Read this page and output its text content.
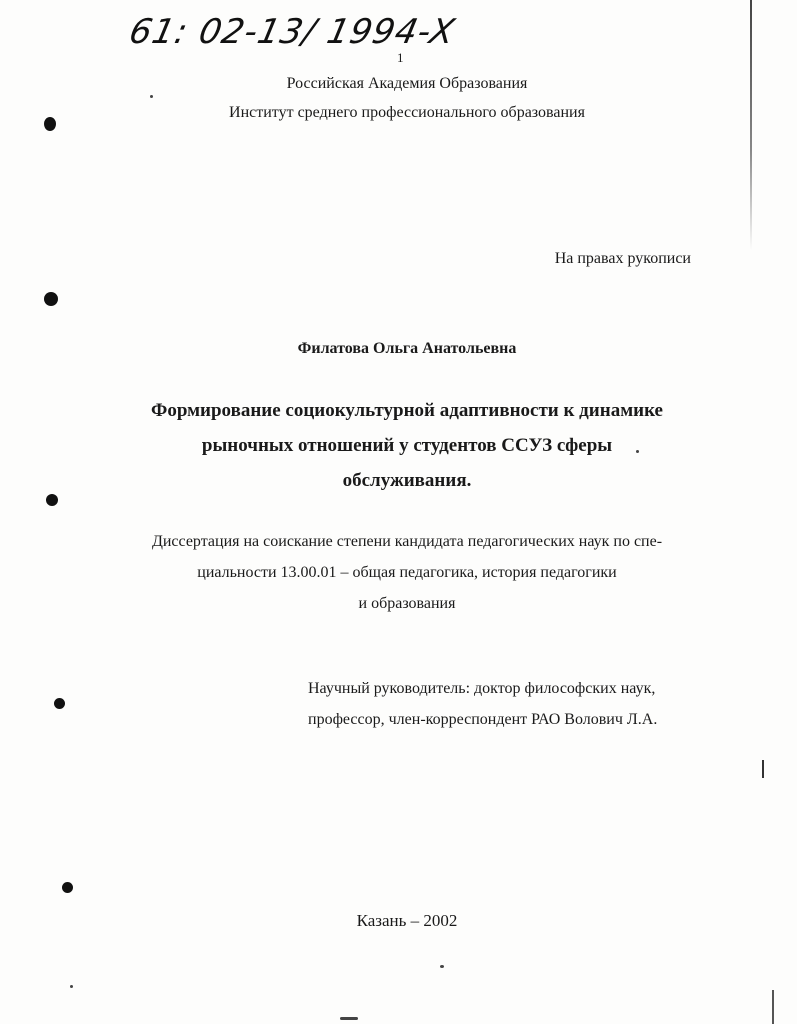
61: 02-13/ 1994-X
1
Российская Академия Образования
Институт среднего профессионального образования
На правах рукописи
Филатова Ольга Анатольевна
Формирование социокультурной адаптивности к динамике
рыночных отношений у студентов ССУЗ сферы
обслуживания.
Диссертация на соискание степени кандидата педагогических наук по спе-
циальности 13.00.01 – общая педагогика, история педагогики
и образования
Научный руководитель: доктор философских наук,
профессор, член-корреспондент РАО Волович Л.А.
Казань – 2002
